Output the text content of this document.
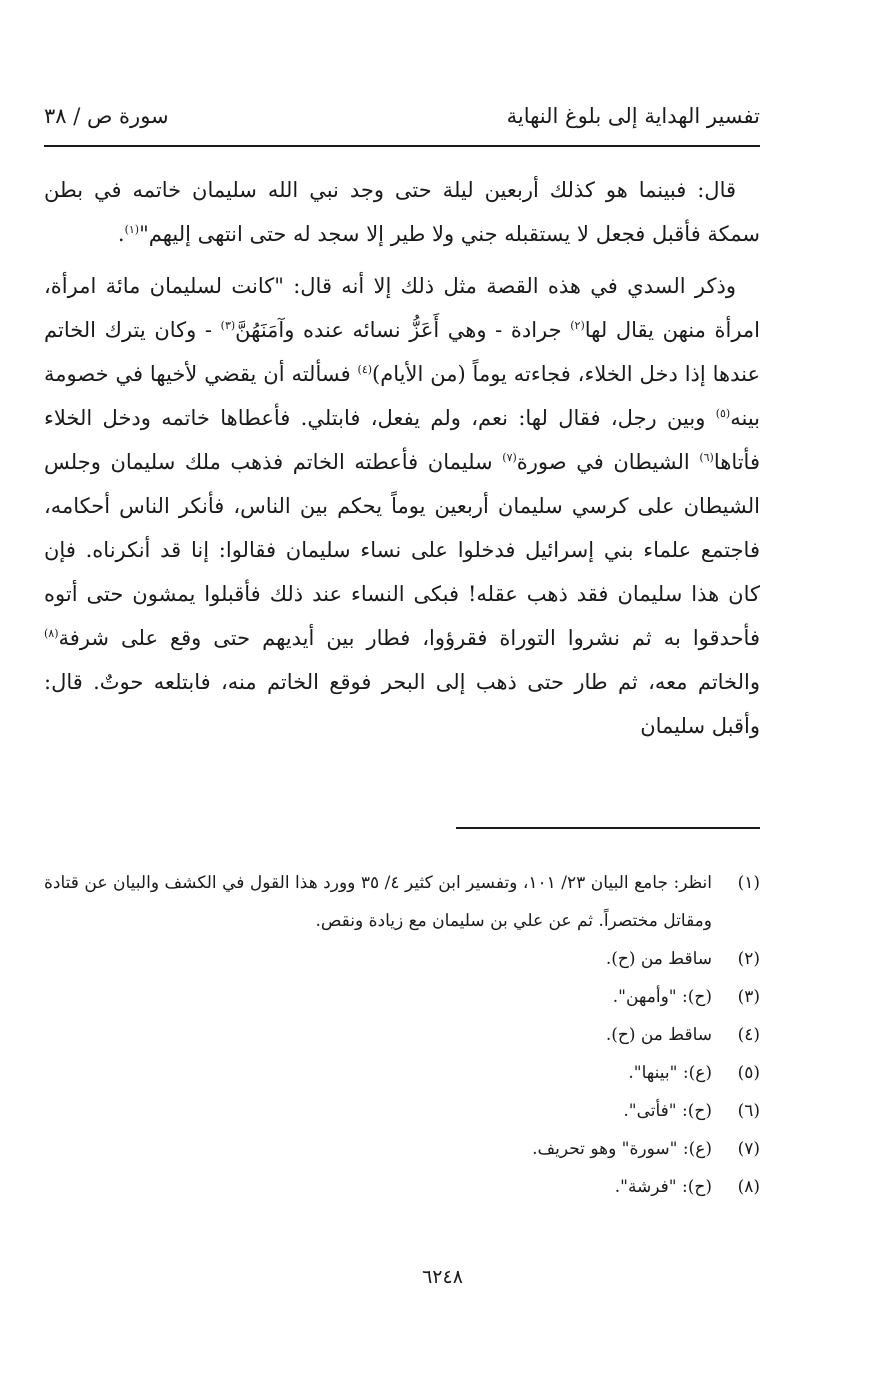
تفسير الهداية إلى بلوغ النهاية
سورة ص / ٣٨

قال: فبينما هو كذلك أربعين ليلة حتى وجد نبي الله سليمان خاتمه في بطن سمكة فأقبل فجعل لا يستقبله جني ولا طير إلا سجد له حتى انتهى إليهم"$^{(١)}$.

وذكر السدي في هذه القصة مثل ذلك إلا أنه قال: "كانت لسليمان مائة امرأة، امرأة منهن يقال لها$^{(٢)}$ جرادة - وهي أَعَزُّ نسائه عنده وآمَنَهُنَّ$^{(٣)}$ - وكان يترك الخاتم عندها إذا دخل الخلاء، فجاءته يوماً (من الأيام)$^{(٤)}$ فسألته أن يقضي لأخيها في خصومة بينه$^{(٥)}$ وبين رجل، فقال لها: نعم، ولم يفعل، فابتلي. فأعطاها خاتمه ودخل الخلاء فأتاها$^{(٦)}$ الشيطان في صورة$^{(٧)}$ سليمان فأعطته الخاتم فذهب ملك سليمان وجلس الشيطان على كرسي سليمان أربعين يوماً يحكم بين الناس، فأنكر الناس أحكامه، فاجتمع علماء بني إسرائيل فدخلوا على نساء سليمان فقالوا: إنا قد أنكرناه. فإن كان هذا سليمان فقد ذهب عقله! فبكى النساء عند ذلك فأقبلوا يمشون حتى أتوه فأحدقوا به ثم نشروا التوراة فقرؤوا، فطار بين أيديهم حتى وقع على شرفة$^{(٨)}$ والخاتم معه، ثم طار حتى ذهب إلى البحر فوقع الخاتم منه، فابتلعه حوتٌ. قال: وأقبل سليمان

(١)
انظر: جامع البيان ٢٣/ ١٠١، وتفسير ابن كثير ٤/ ٣٥ وورد هذا القول في الكشف والبيان عن قتادة ومقاتل مختصراً. ثم عن علي بن سليمان مع زيادة ونقص.
(٢)
ساقط من (ح).
(٣)
(ح): "وأمهن".
(٤)
ساقط من (ح).
(٥)
(ع): "بينها".
(٦)
(ح): "فأتى".
(٧)
(ع): "سورة" وهو تحريف.
(٨)
(ح): "فرشة".
٦٢٤٨
